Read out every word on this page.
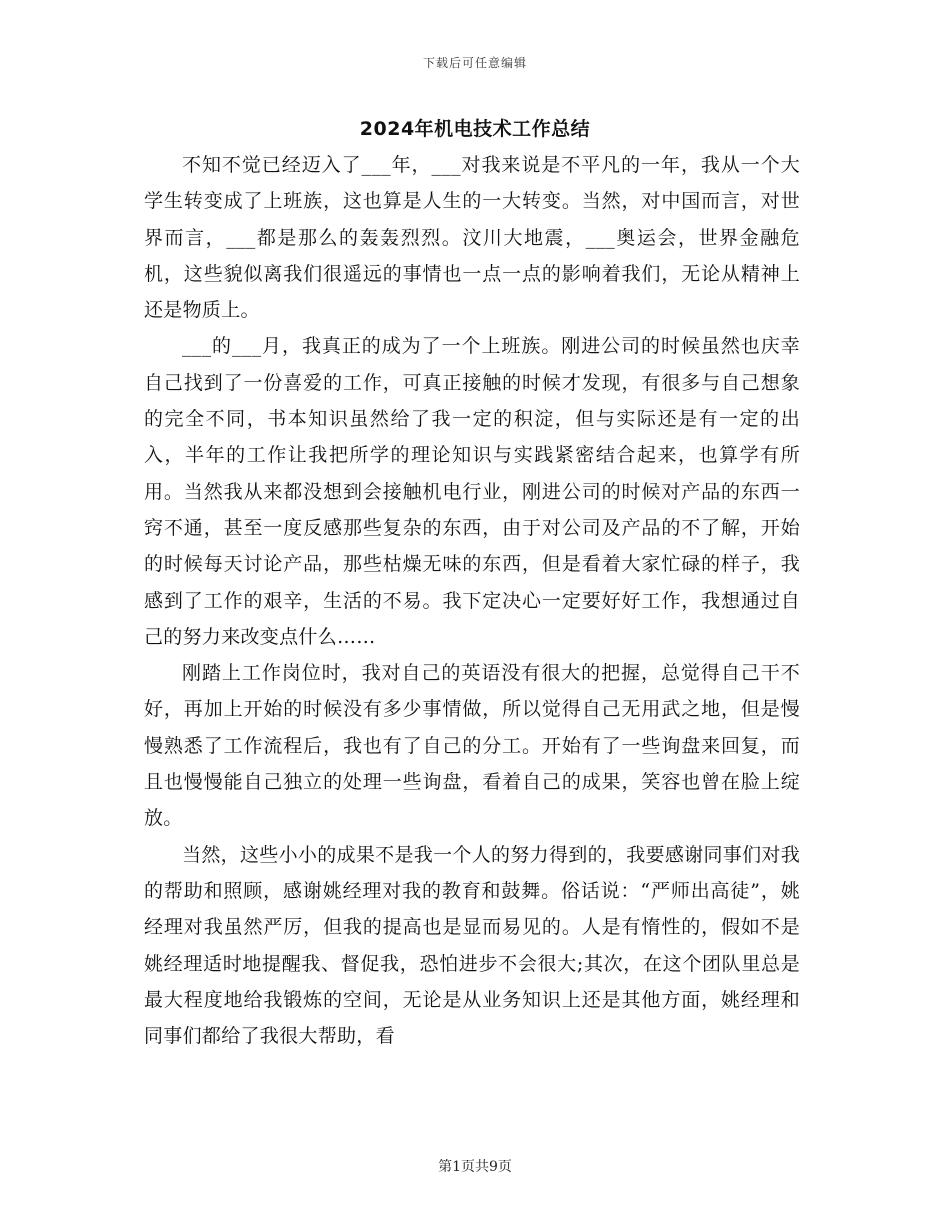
下载后可任意编辑
2024年机电技术工作总结

不知不觉已经迈入了___年，___对我来说是不平凡的一年，我从一个大学生转变成了上班族，这也算是人生的一大转变。当然，对中国而言，对世界而言，___都是那么的轰轰烈烈。汶川大地震，___奥运会，世界金融危机，这些貌似离我们很遥远的事情也一点一点的影响着我们，无论从精神上还是物质上。

___的___月，我真正的成为了一个上班族。刚进公司的时候虽然也庆幸自己找到了一份喜爱的工作，可真正接触的时候才发现，有很多与自己想象的完全不同，书本知识虽然给了我一定的积淀，但与实际还是有一定的出入，半年的工作让我把所学的理论知识与实践紧密结合起来，也算学有所用。当然我从来都没想到会接触机电行业，刚进公司的时候对产品的东西一窍不通，甚至一度反感那些复杂的东西，由于对公司及产品的不了解，开始的时候每天讨论产品，那些枯燥无味的东西，但是看着大家忙碌的样子，我感到了工作的艰辛，生活的不易。我下定决心一定要好好工作，我想通过自己的努力来改变点什么……

刚踏上工作岗位时，我对自己的英语没有很大的把握，总觉得自己干不好，再加上开始的时候没有多少事情做，所以觉得自己无用武之地，但是慢慢熟悉了工作流程后，我也有了自己的分工。开始有了一些询盘来回复，而且也慢慢能自己独立的处理一些询盘，看着自己的成果，笑容也曾在脸上绽放。

当然，这些小小的成果不是我一个人的努力得到的，我要感谢同事们对我的帮助和照顾，感谢姚经理对我的教育和鼓舞。俗话说：“严师出高徒”，姚经理对我虽然严厉，但我的提高也是显而易见的。人是有惰性的，假如不是姚经理适时地提醒我、督促我，恐怕进步不会很大;其次，在这个团队里总是最大程度地给我锻炼的空间，无论是从业务知识上还是其他方面，姚经理和同事们都给了我很大帮助，看

第1页共9页
